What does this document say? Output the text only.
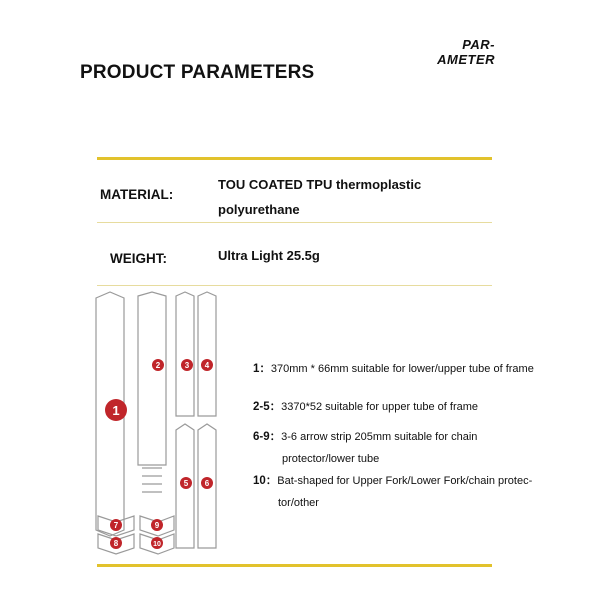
PRODUCT PARAMETERS
PAR-
AMETER
MATERIAL:
TOU COATED TPU thermoplastic
polyurethane
WEIGHT:	Ultra Light 25.5g
1
2	3 4
5 6
7
8
9
10
1：370mm * 66mm suitable for lower/upper tube of frame
2-5：3370*52 suitable for upper tube of frame
6-9：3-6 arrow strip 205mm suitable for chain
protector/lower tube
10：Bat-shaped for Upper Fork/Lower Fork/chain protec-
tor/other
